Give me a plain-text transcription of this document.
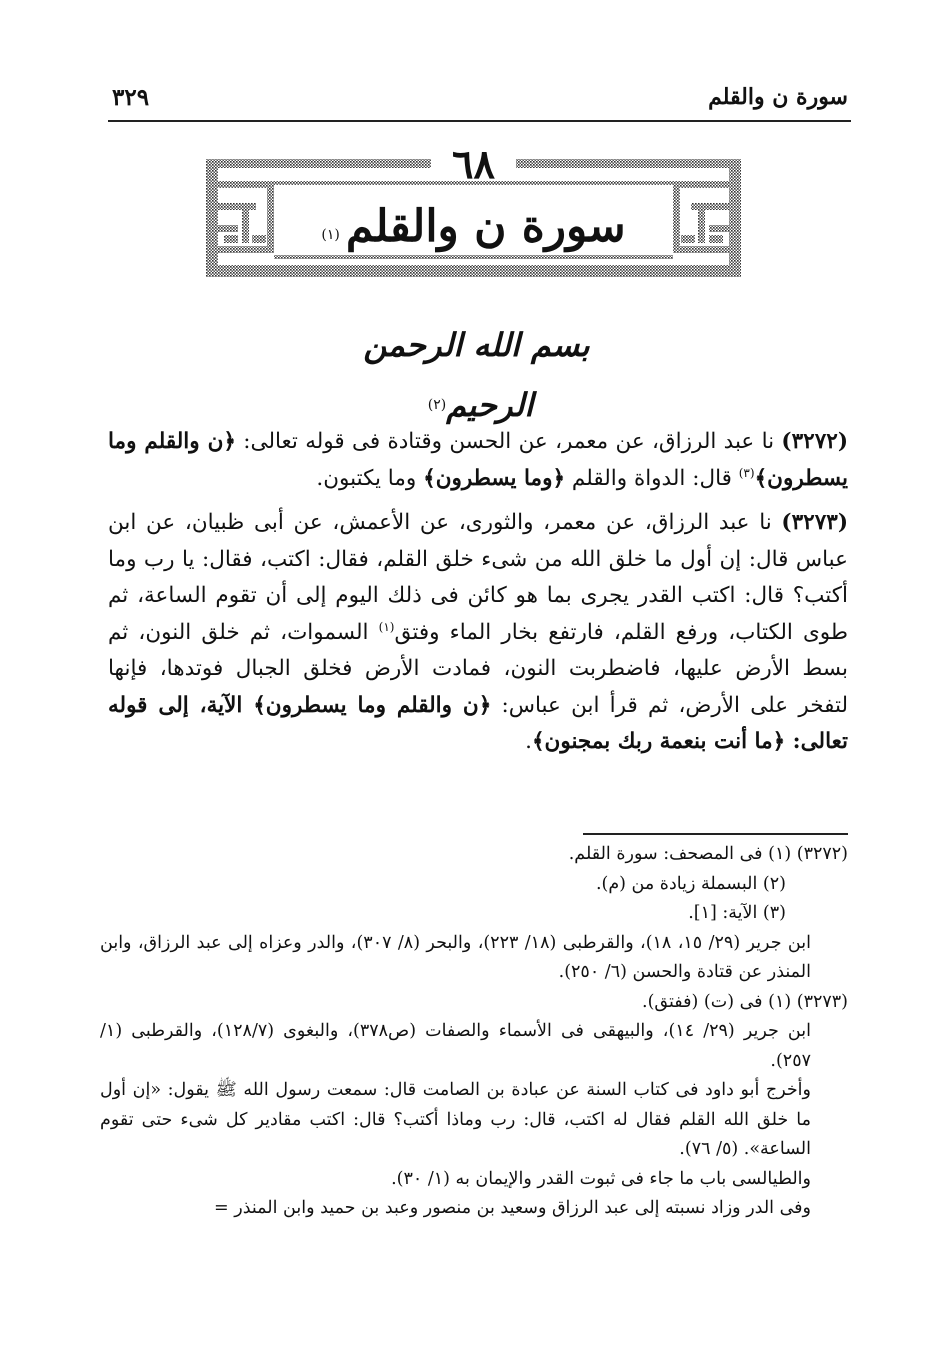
سورة ن والقلم
٣٢٩
٦٨
سورة ن والقلم$^{(١)}$
بسم الله الرحمن الرحيم$^{(٢)}$

(٣٢٧٢) نا عبد الرزاق، عن معمر، عن الحسن وقتادة فى قوله تعالى: ﴿ن والقلم وما يسطرون﴾$^{(٣)}$ قال: الدواة والقلم ﴿وما يسطرون﴾ وما يكتبون.

(٣٢٧٣) نا عبد الرزاق، عن معمر، والثورى، عن الأعمش، عن أبى ظبيان، عن ابن عباس قال: إن أول ما خلق الله من شىء خلق القلم، فقال: اكتب، فقال: يا رب وما أكتب؟ قال: اكتب القدر يجرى بما هو كائن فى ذلك اليوم إلى أن تقوم الساعة، ثم طوى الكتاب، ورفع القلم، فارتفع بخار الماء وفتق$^{(١)}$ السموات، ثم خلق النون، ثم بسط الأرض عليها، فاضطربت النون، فمادت الأرض فخلق الجبال فوتدها، فإنها لتفخر على الأرض، ثم قرأ ابن عباس: ﴿ن والقلم وما يسطرون﴾ الآية، إلى قوله تعالى: ﴿ما أنت بنعمة ربك بمجنون﴾.

(٣٢٧٢) (١) فى المصحف: سورة القلم.

(٢) البسملة زيادة من (م).

(٣) الآية: [١].

ابن جرير (٢٩/ ١٥، ١٨)، والقرطبى (١٨/ ٢٢٣)، والبحر (٨/ ٣٠٧)، والدر وعزاه إلى عبد الرزاق، وابن المنذر عن قتادة والحسن (٦/ ٢٥٠).

(٣٢٧٣) (١) فى (ت) (ففتق).

ابن جرير (٢٩/ ١٤)، والبيهقى فى الأسماء والصفات (ص٣٧٨)، والبغوى (١٢٨/٧)، والقرطبى (١/ ٢٥٧).

وأخرج أبو داود فى كتاب السنة عن عبادة بن الصامت قال: سمعت رسول الله ﷺ يقول: «إن أول ما خلق الله القلم فقال له اكتب، قال: رب وماذا أكتب؟ قال: اكتب مقادير كل شىء حتى تقوم الساعة». (٥/ ٧٦).

والطيالسى باب ما جاء فى ثبوت القدر والإيمان به (١/ ٣٠).

وفى الدر وزاد نسبته إلى عبد الرزاق وسعيد بن منصور وعبد بن حميد وابن المنذر =
